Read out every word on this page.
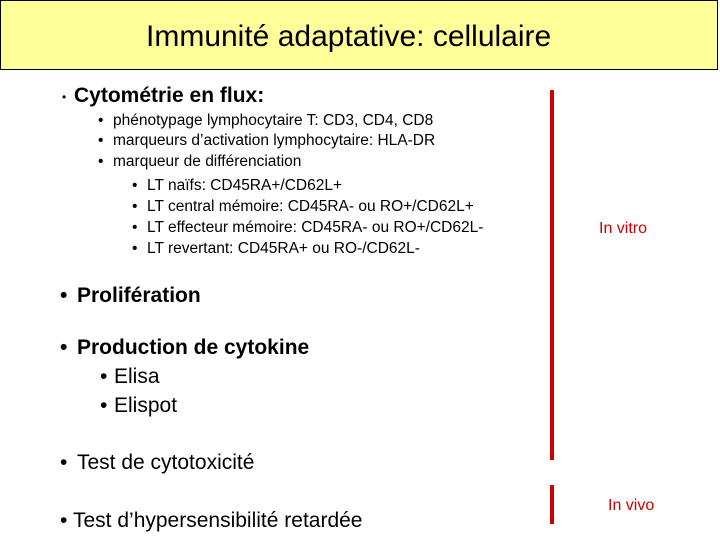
Immunité adaptative: cellulaire
• Cytométrie en flux:
• phénotypage lymphocytaire T: CD3, CD4, CD8
• marqueurs d’activation lymphocytaire: HLA-DR
• marqueur de différenciation
• LT naïfs: CD45RA+/CD62L+
• LT central mémoire: CD45RA- ou RO+/CD62L+
• LT effecteur mémoire: CD45RA- ou RO+/CD62L-
• LT revertant: CD45RA+ ou RO-/CD62L-
• Prolifération
• Production de cytokine
• Elisa
• Elispot
• Test de cytotoxicité
• Test d’hypersensibilité retardée
In vitro
In vivo
